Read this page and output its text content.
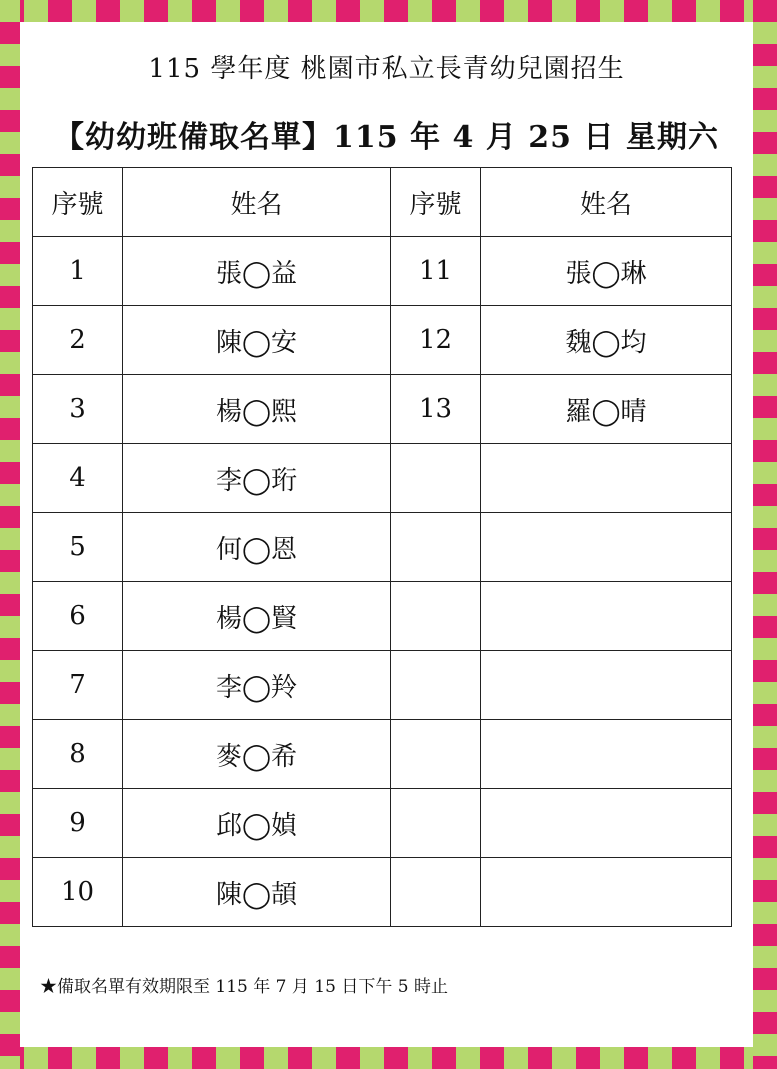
115 學年度 桃園市私立長青幼兒園招生
【幼幼班備取名單】115 年 4 月 25 日 星期六
序號	姓名	序號	姓名
1	張◯益	11	張◯琳
2	陳◯安	12	魏◯均
3	楊◯熙	13	羅◯晴
4	李◯珩		
5	何◯恩		
6	楊◯賢		
7	李◯羚		
8	麥◯希		
9	邱◯媜		
10	陳◯頡		
★備取名單有效期限至 115 年 7 月 15 日下午 5 時止
